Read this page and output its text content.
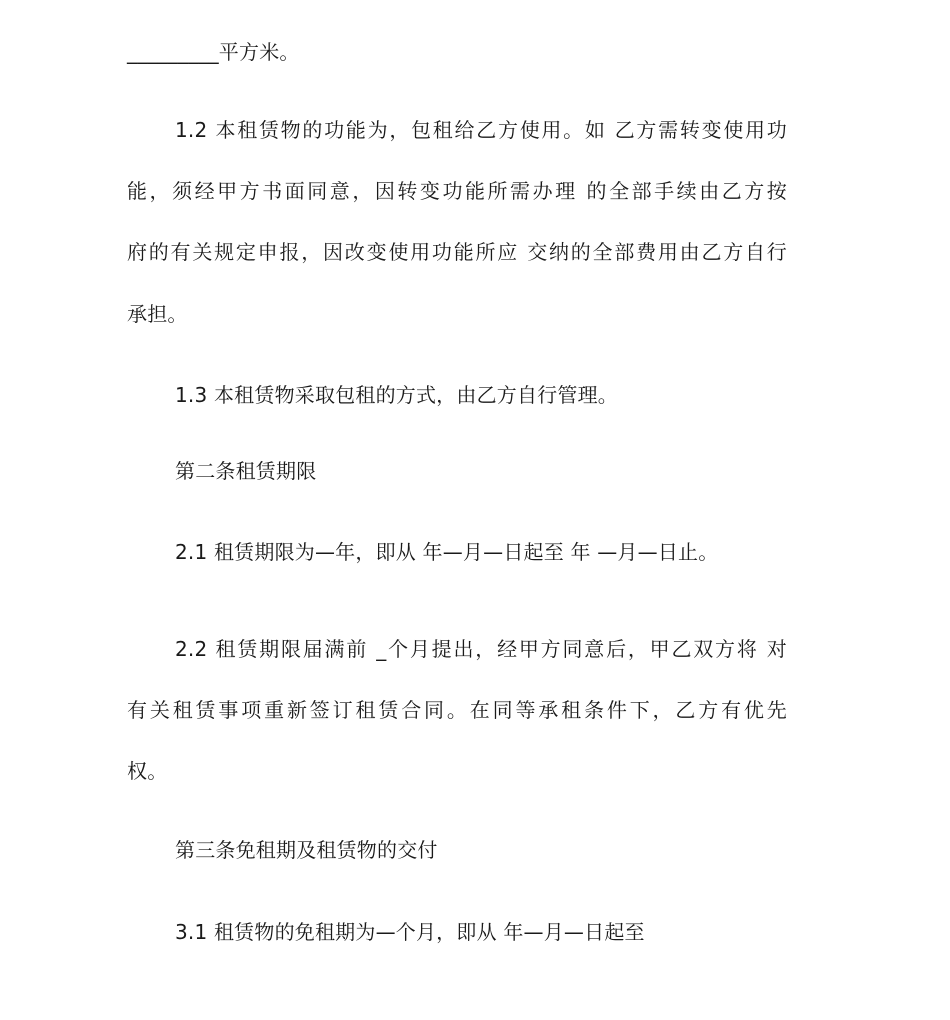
_________平方米。
1.2 本租赁物的功能为，包租给乙方使用。如 乙方需转变使用功
能，须经甲方书面同意，因转变功能所需办理 的全部手续由乙方按
府的有关规定申报，因改变使用功能所应 交纳的全部费用由乙方自行
承担。
1.3 本租赁物采取包租的方式，由乙方自行管理。
第二条租赁期限
2.1 租赁期限为—年，即从 年—月—日起至 年 —月—日止。
2.2 租赁期限届满前 _个月提出，经甲方同意后，甲乙双方将 对
有关租赁事项重新签订租赁合同。在同等承租条件下，乙方有优先
权。
第三条免租期及租赁物的交付
3.1 租赁物的免租期为—个月，即从 年—月—日起至
